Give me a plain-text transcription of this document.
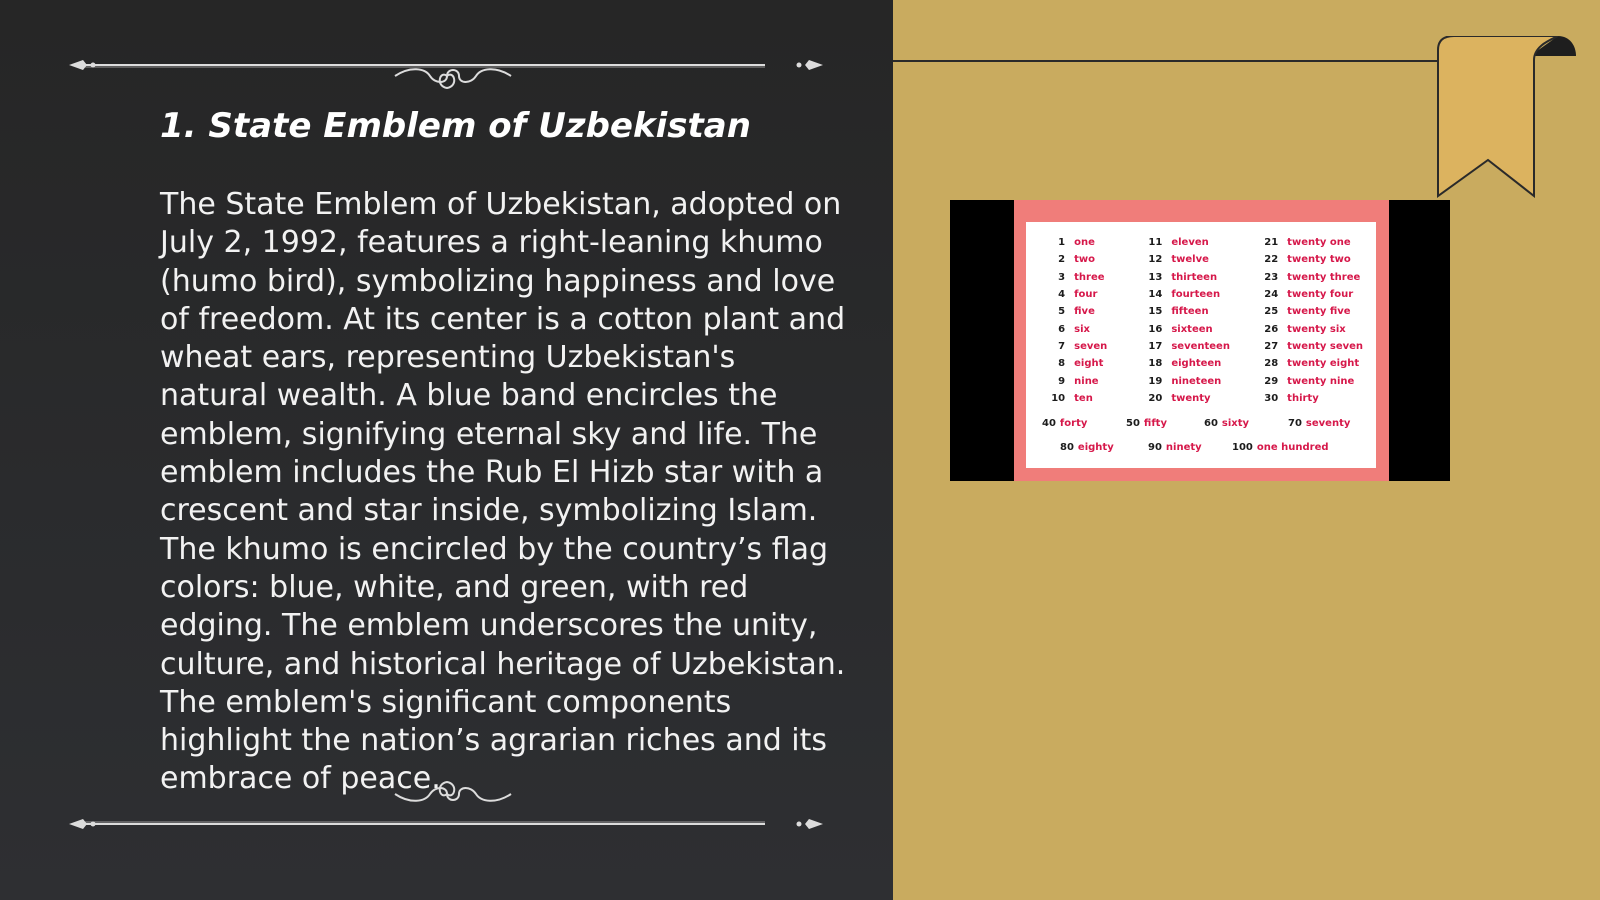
1. State Emblem of Uzbekistan

The State Emblem of Uzbekistan, adopted on July 2, 1992, features a right-leaning khumo (humo bird), symbolizing happiness and love of freedom. At its center is a cotton plant and wheat ears, representing Uzbekistan's natural wealth. A blue band encircles the emblem, signifying eternal sky and life. The emblem includes the Rub El Hizb star with a crescent and star inside, symbolizing Islam. The khumo is encircled by the country’s flag colors: blue, white, and green, with red edging. The emblem underscores the unity, culture, and historical heritage of Uzbekistan. The emblem's significant components highlight the nation’s agrarian riches and its embrace of peace.

1	one	11	eleven	21	twenty one
2	two	12	twelve	22	twenty two
3	three	13	thirteen	23	twenty three
4	four	14	fourteen	24	twenty four
5	five	15	fifteen	25	twenty five
6	six	16	sixteen	26	twenty six
7	seven	17	seventeen	27	twenty seven
8	eight	18	eighteen	28	twenty eight
9	nine	19	nineteen	29	twenty nine
10	ten	20	twenty	30	thirty
40 forty	50 fifty	60 sixty	70 seventy
80 eighty	90 ninety	100 one hundred
